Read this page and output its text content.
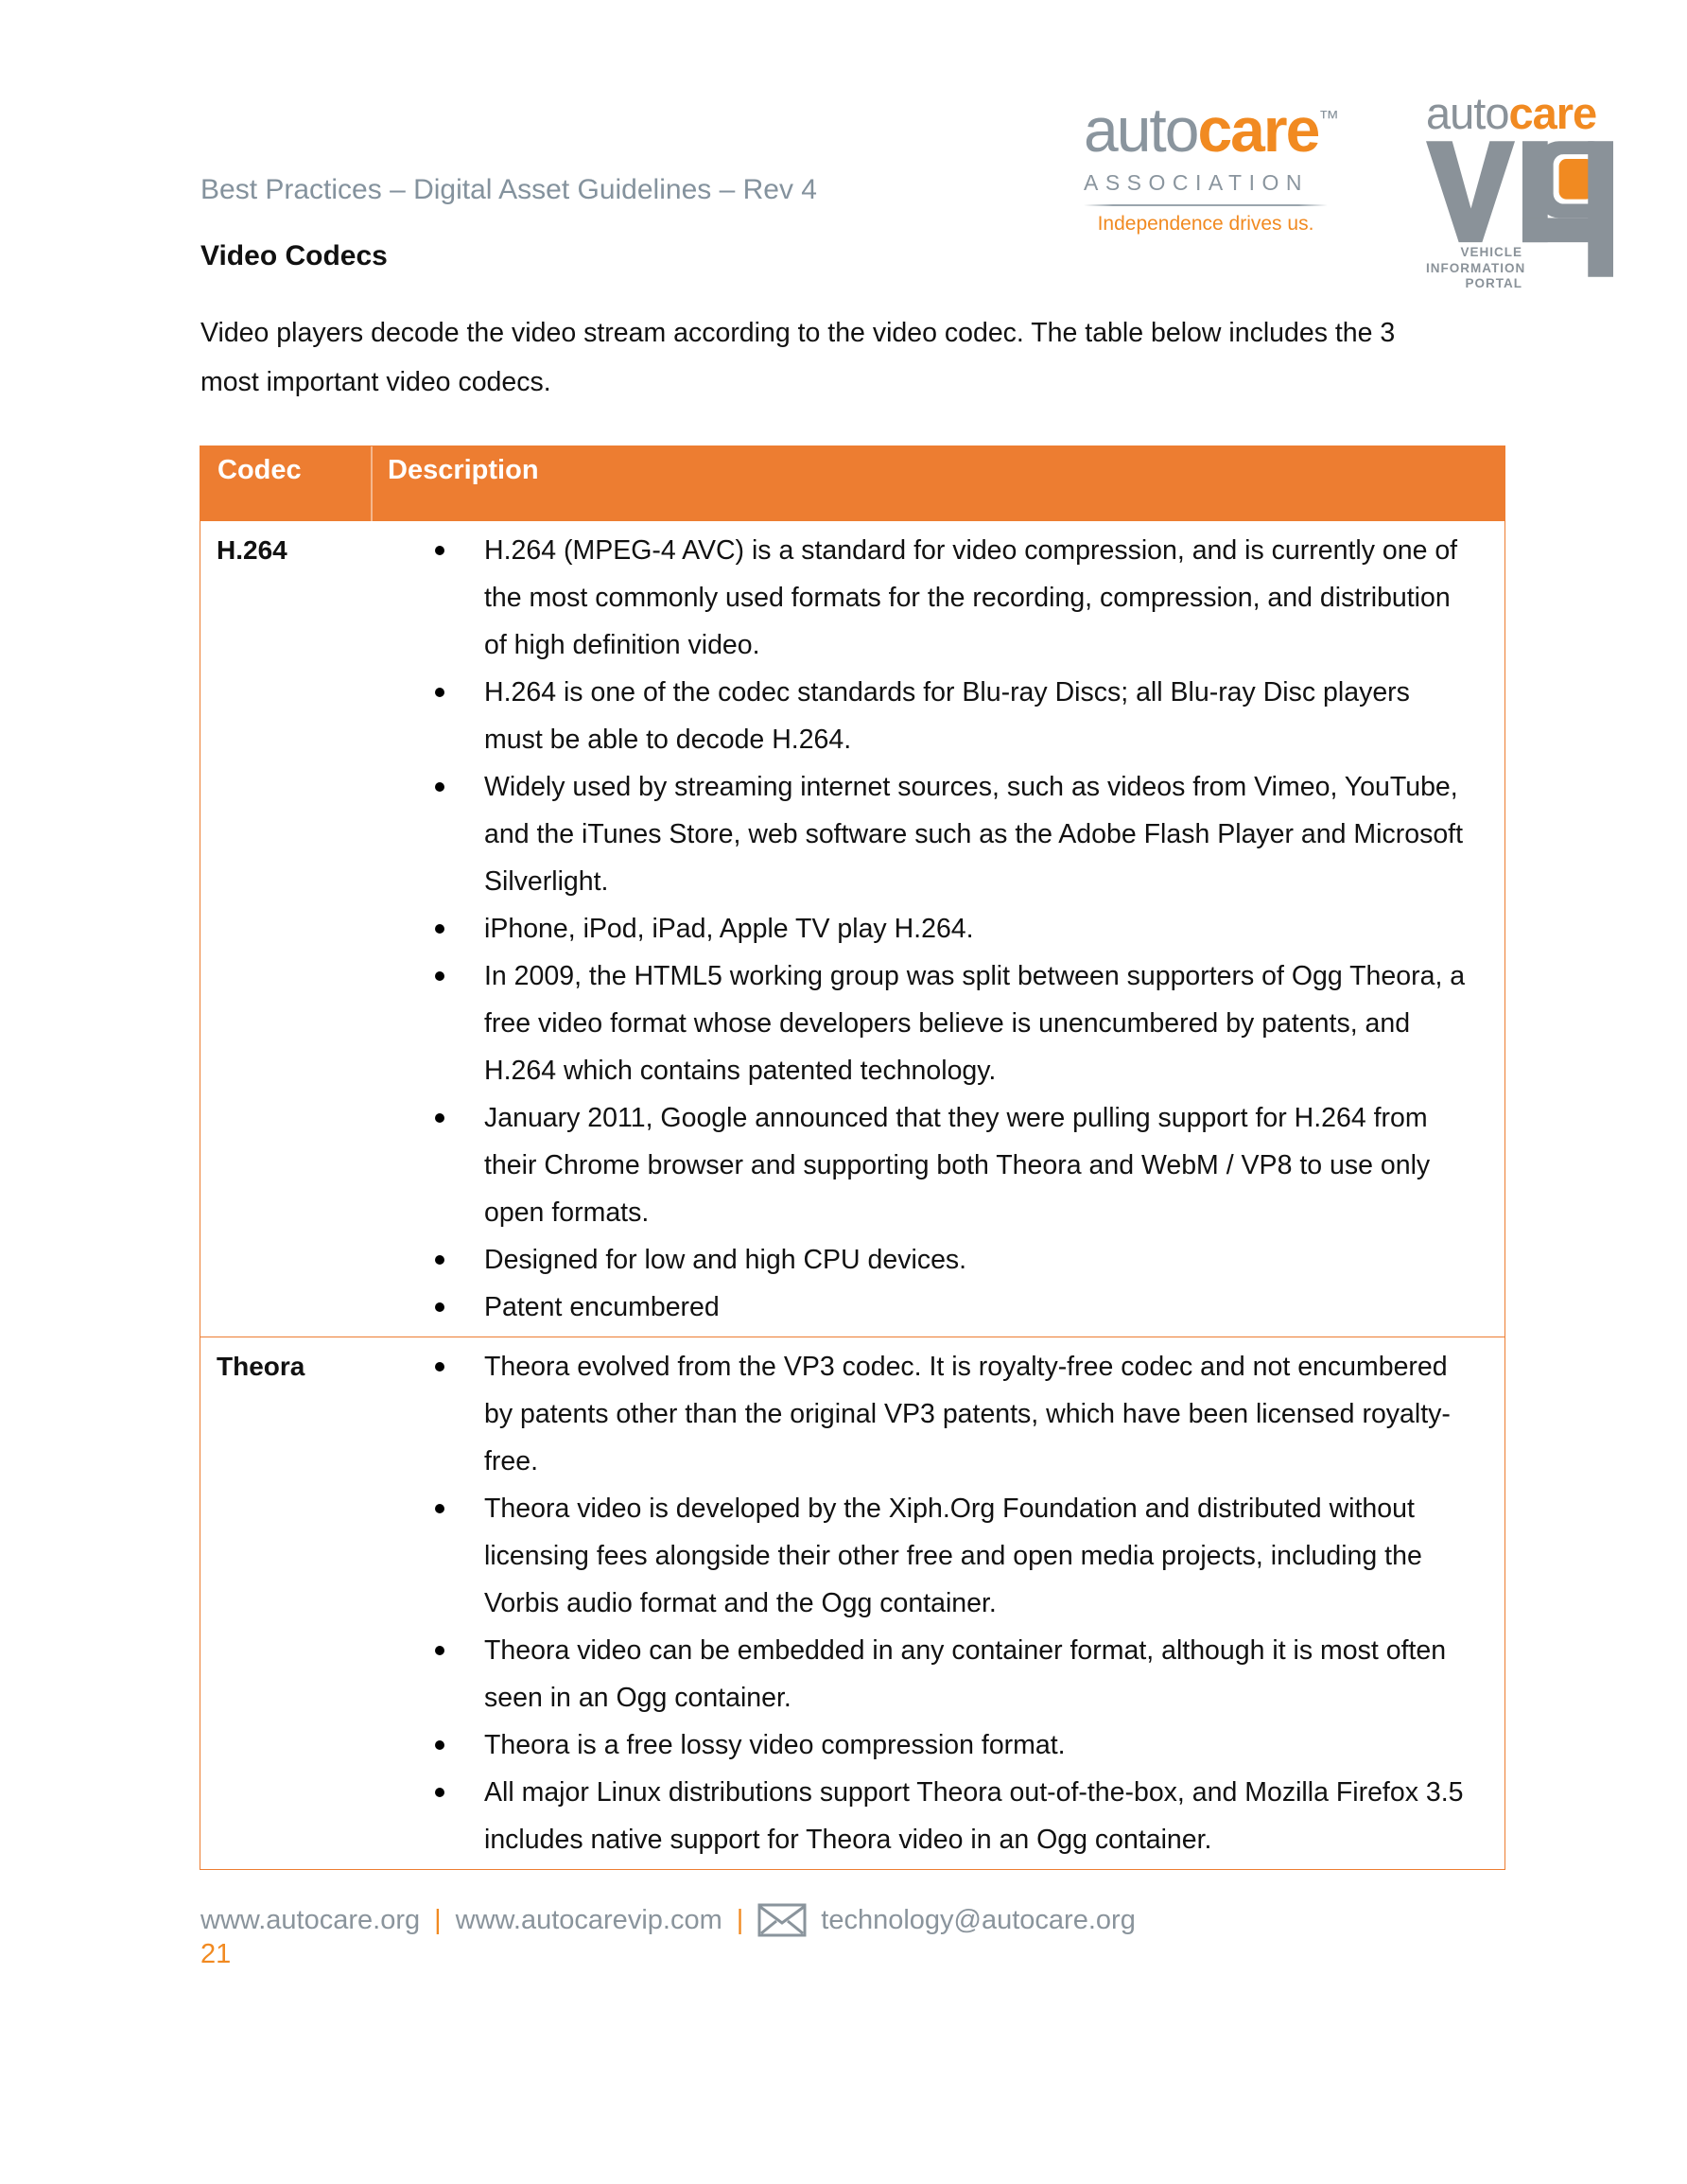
autocare™
ASSOCIATION
Independence drives us.
autocare
VEHICLE
INFORMATION
PORTAL
Best Practices – Digital Asset Guidelines – Rev 4
Video Codecs
Video players decode the video stream according to the video codec. The table below includes the 3
most important video codecs.
Codec	Description
H.264	H.264 (MPEG-4 AVC) is a standard for video compression, and is currently one of
the most commonly used formats for the recording, compression, and distribution
of high definition video.
H.264 is one of the codec standards for Blu-ray Discs; all Blu-ray Disc players
must be able to decode H.264.
Widely used by streaming internet sources, such as videos from Vimeo, YouTube,
and the iTunes Store, web software such as the Adobe Flash Player and Microsoft
Silverlight.
iPhone, iPod, iPad, Apple TV play H.264.
In 2009, the HTML5 working group was split between supporters of Ogg Theora, a
free video format whose developers believe is unencumbered by patents, and
H.264 which contains patented technology.
January 2011, Google announced that they were pulling support for H.264 from
their Chrome browser and supporting both Theora and WebM / VP8 to use only
open formats.
Designed for low and high CPU devices.
Patent encumbered
Theora	Theora evolved from the VP3 codec. It is royalty-free codec and not encumbered
by patents other than the original VP3 patents, which have been licensed royalty-
free.
Theora video is developed by the Xiph.Org Foundation and distributed without
licensing fees alongside their other free and open media projects, including the
Vorbis audio format and the Ogg container.
Theora video can be embedded in any container format, although it is most often
seen in an Ogg container.
Theora is a free lossy video compression format.
All major Linux distributions support Theora out-of-the-box, and Mozilla Firefox 3.5
includes native support for Theora video in an Ogg container.
www.autocare.org | www.autocarevip.com |	technology@autocare.org
21
